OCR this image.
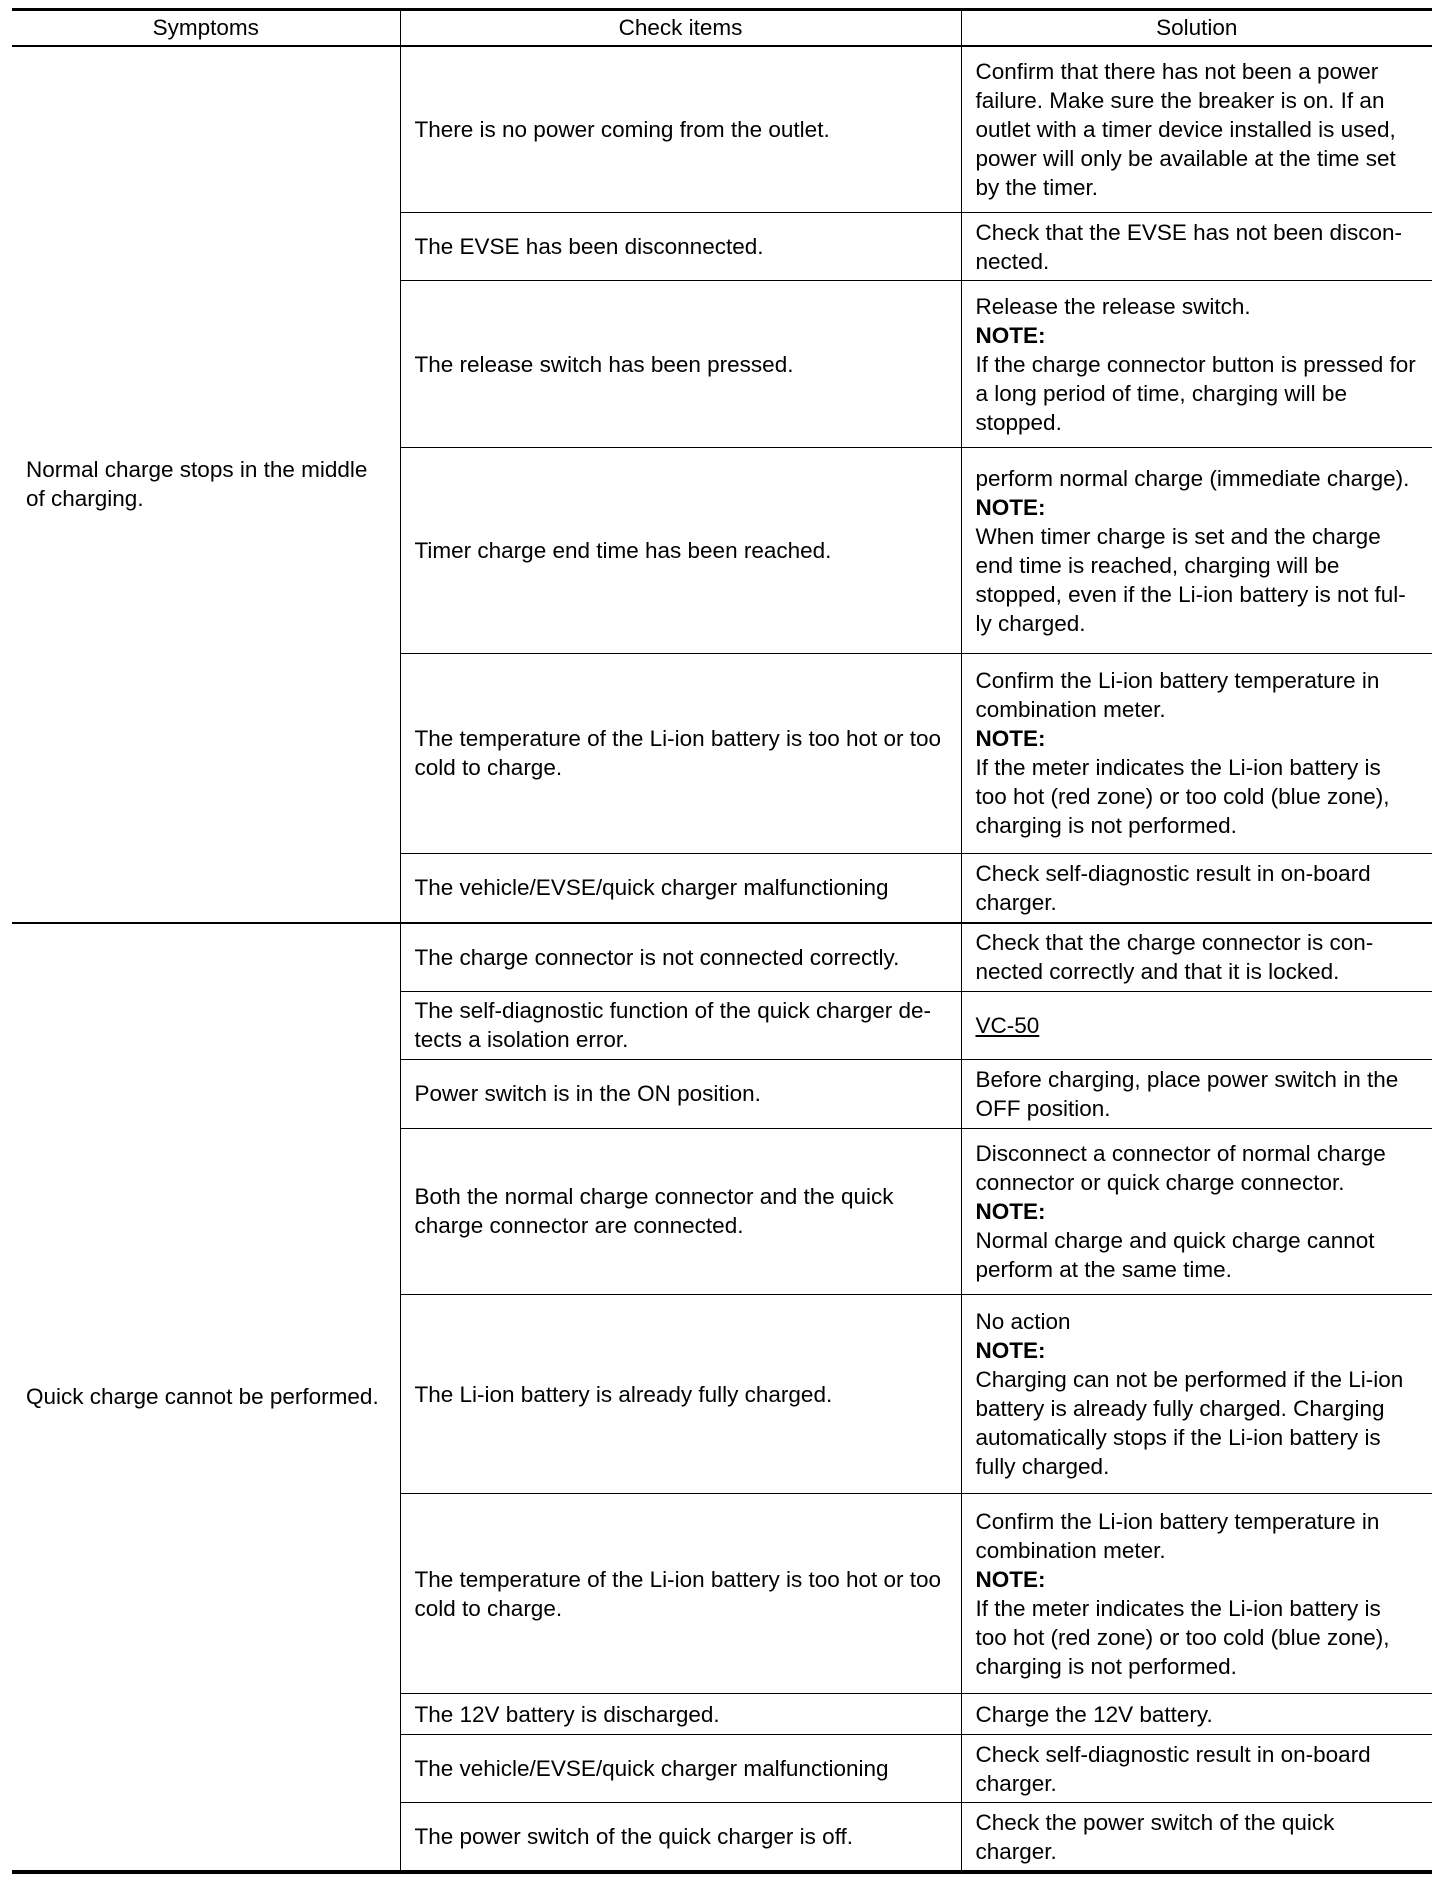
Symptoms	Check items	Solution
Normal charge stops in the middle of charging.	There is no power coming from the outlet.	Confirm that there has not been a power failure. Make sure the breaker is on. If an outlet with a timer device installed is used, power will only be available at the time set by the timer.

	The EVSE has been disconnected.	Check that the EVSE has not been discon-nected.

	The release switch has been pressed.	Release the release switch.
NOTE:
If the charge connector button is pressed for a long period of time, charging will be stopped.

	Timer charge end time has been reached.	perform normal charge (immediate charge).
NOTE:
When timer charge is set and the charge end time is reached, charging will be stopped, even if the Li-ion battery is not ful-ly charged.

	The temperature of the Li-ion battery is too hot or too cold to charge.	Confirm the Li-ion battery temperature in combination meter.
NOTE:
If the meter indicates the Li-ion battery is too hot (red zone) or too cold (blue zone), charging is not performed.

	The vehicle/EVSE/quick charger malfunctioning	Check self-diagnostic result in on-board charger.

Quick charge cannot be performed.	The charge connector is not connected correctly.	Check that the charge connector is con-nected correctly and that it is locked.

	The self-diagnostic function of the quick charger de-tects a isolation error.	VC-50

	Power switch is in the ON position.	Before charging, place power switch in the OFF position.

	Both the normal charge connector and the quick charge connector are connected.	Disconnect a connector of normal charge connector or quick charge connector.
NOTE:
Normal charge and quick charge cannot perform at the same time.

	The Li-ion battery is already fully charged.	No action
NOTE:
Charging can not be performed if the Li-ion battery is already fully charged. Charging automatically stops if the Li-ion battery is fully charged.

	The temperature of the Li-ion battery is too hot or too cold to charge.	Confirm the Li-ion battery temperature in combination meter.
NOTE:
If the meter indicates the Li-ion battery is too hot (red zone) or too cold (blue zone), charging is not performed.

	The 12V battery is discharged.	Charge the 12V battery.

	The vehicle/EVSE/quick charger malfunctioning	Check self-diagnostic result in on-board charger.

	The power switch of the quick charger is off.	Check the power switch of the quick charger.
